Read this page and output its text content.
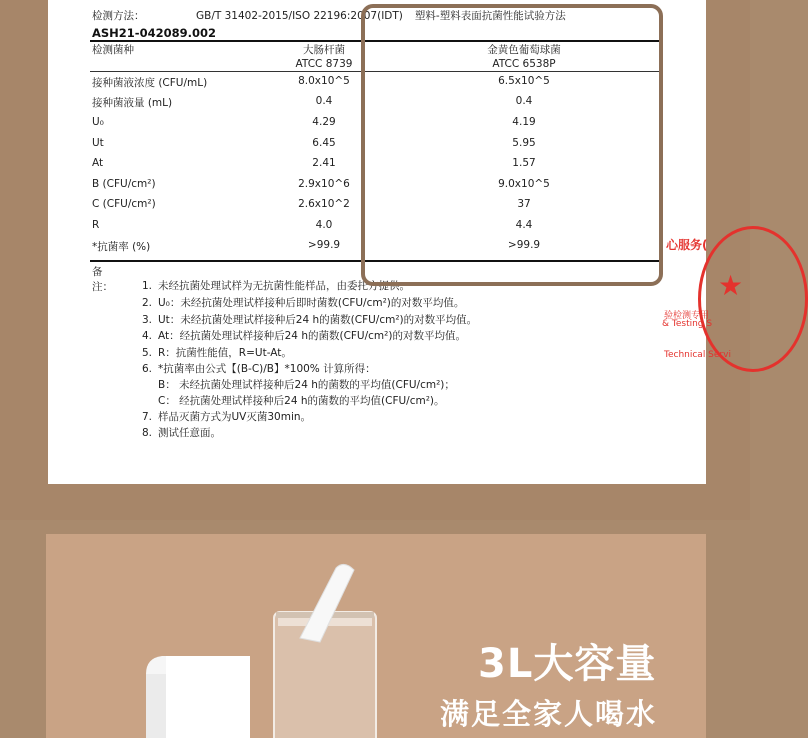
检测方法：	GB/T 31402-2015/ISO 22196:2007(IDT) 塑料-塑料表面抗菌性能试验方法
ASH21-042089.002
检测菌种	大肠杆菌	金黄色葡萄球菌
ATCC 8739	ATCC 6538P
接种菌液浓度 (CFU/mL)	8.0x10^5	6.5x10^5
接种菌液量 (mL)	0.4	0.4
U₀	4.29	4.19
Ut	6.45	5.95
At	2.41	1.57
B (CFU/cm²)	2.9x10^6	9.0x10^5
C (CFU/cm²)	2.6x10^2	37
R	4.0	4.4
*抗菌率 (%)	>99.9	>99.9
备注：	1. 未经抗菌处理试样为无抗菌性能样品，由委托方提供。
2. U₀：未经抗菌处理试样接种后即时菌数(CFU/cm²)的对数平均值。
3. Ut：未经抗菌处理试样接种后24 h的菌数(CFU/cm²)的对数平均值。
4. At：经抗菌处理试样接种后24 h的菌数(CFU/cm²)的对数平均值。
5. R：抗菌性能值，R=Ut-At。
6. *抗菌率由公式【(B-C)/B】*100% 计算所得：
B： 未经抗菌处理试样接种后24 h的菌数的平均值(CFU/cm²)；
C： 经抗菌处理试样接种后24 h的菌数的平均值(CFU/cm²)。
7. 样品灭菌方式为UV灭菌30min。
8. 测试任意面。
心服务(
★
验检测专用
& Testing S
Technical Servi
3L大容量
满足全家人喝水
